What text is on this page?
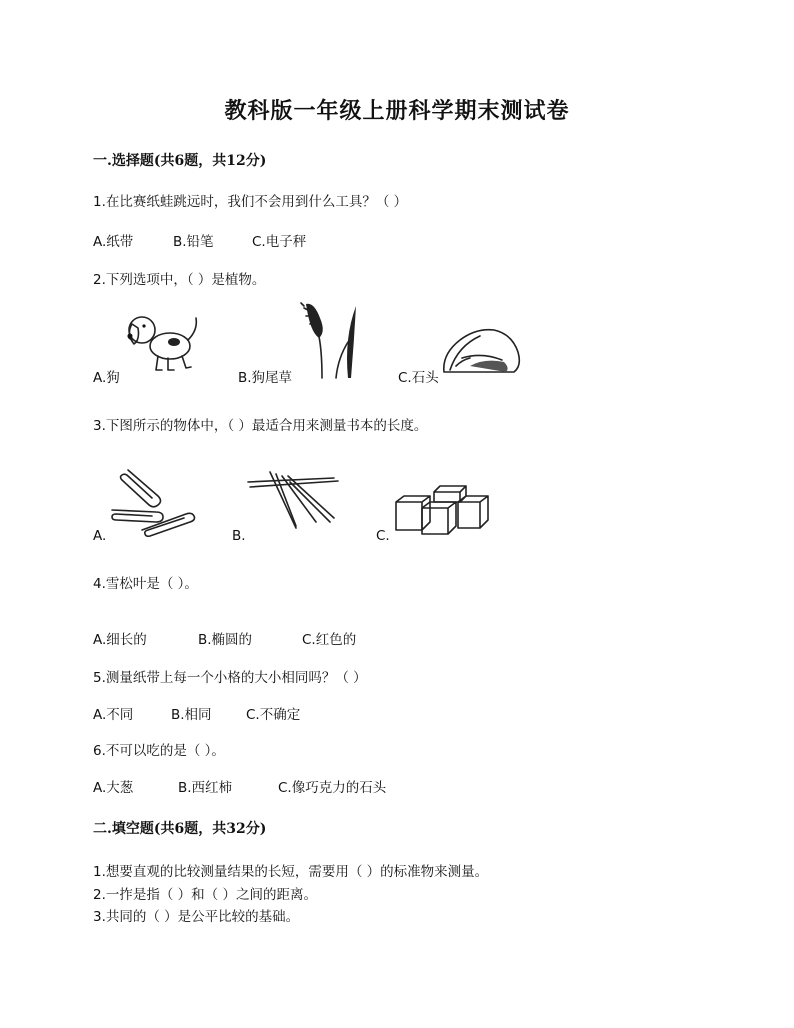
教科版一年级上册科学期末测试卷
一.选择题(共6题，共12分)
1.在比赛纸蛙跳远时，我们不会用到什么工具？（ ）
A.纸带	B.铅笔	C.电子秤
2.下列选项中，（ ）是植物。
A.狗	B.狗尾草	C.石头
3.下图所示的物体中，（ ）最适合用来测量书本的长度。
A.	B.	C.
4.雪松叶是（ ）。
A.细长的	B.椭圆的	C.红色的
5.测量纸带上每一个小格的大小相同吗？（ ）
A.不同	B.相同	C.不确定
6.不可以吃的是（ ）。
A.大葱	B.西红柿	C.像巧克力的石头
二.填空题(共6题，共32分)
1.想要直观的比较测量结果的长短，需要用（ ）的标准物来测量。
2.一拃是指（ ）和（ ）之间的距离。
3.共同的（ ）是公平比较的基础。
